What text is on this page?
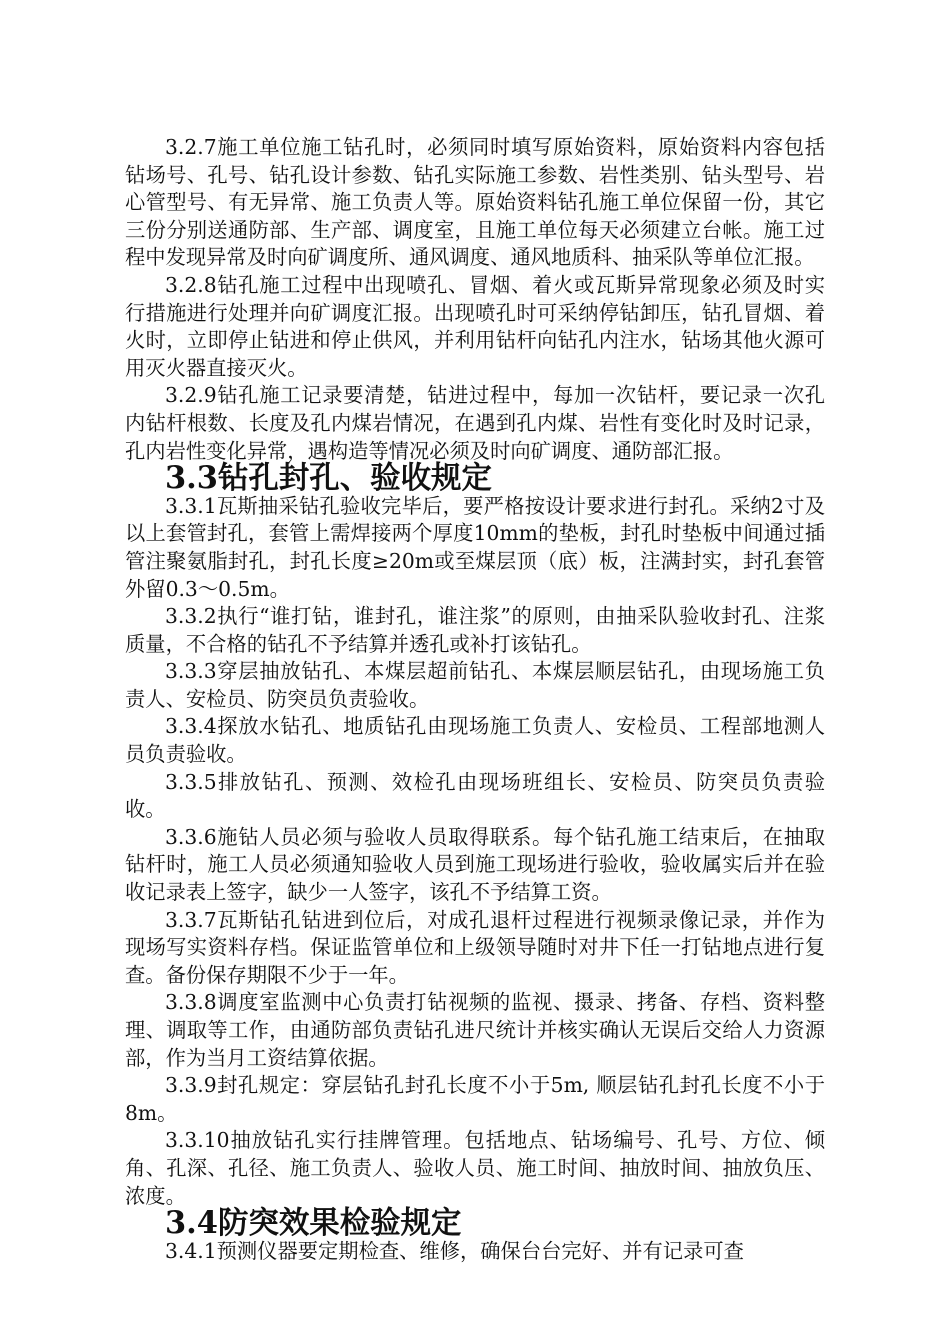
3.2.7施工单位施工钻孔时，必须同时填写原始资料，原始资料内容包括钻场号、孔号、钻孔设计参数、钻孔实际施工参数、岩性类别、钻头型号、岩心管型号、有无异常、施工负责人等。原始资料钻孔施工单位保留一份，其它三份分别送通防部、生产部、调度室，且施工单位每天必须建立台帐。施工过程中发现异常及时向矿调度所、通风调度、通风地质科、抽采队等单位汇报。

3.2.8钻孔施工过程中出现喷孔、冒烟、着火或瓦斯异常现象必须及时实行措施进行处理并向矿调度汇报。出现喷孔时可采纳停钻卸压，钻孔冒烟、着火时，立即停止钻进和停止供风，并利用钻杆向钻孔内注水，钻场其他火源可用灭火器直接灭火。

3.2.9钻孔施工记录要清楚，钻进过程中，每加一次钻杆，要记录一次孔内钻杆根数、长度及孔内煤岩情况，在遇到孔内煤、岩性有变化时及时记录，孔内岩性变化异常，遇构造等情况必须及时向矿调度、通防部汇报。

3.3钻孔封孔、验收规定

3.3.1瓦斯抽采钻孔验收完毕后，要严格按设计要求进行封孔。采纳2寸及以上套管封孔，套管上需焊接两个厚度10mm的垫板，封孔时垫板中间通过插管注聚氨脂封孔，封孔长度≥20m或至煤层顶（底）板，注满封实，封孔套管外留0.3～0.5m。

3.3.2执行“谁打钻，谁封孔，谁注浆”的原则，由抽采队验收封孔、注浆质量，不合格的钻孔不予结算并透孔或补打该钻孔。

3.3.3穿层抽放钻孔、本煤层超前钻孔、本煤层顺层钻孔，由现场施工负责人、安检员、防突员负责验收。

3.3.4探放水钻孔、地质钻孔由现场施工负责人、安检员、工程部地测人员负责验收。

3.3.5排放钻孔、预测、效检孔由现场班组长、安检员、防突员负责验收。

3.3.6施钻人员必须与验收人员取得联系。每个钻孔施工结束后，在抽取钻杆时，施工人员必须通知验收人员到施工现场进行验收，验收属实后并在验收记录表上签字，缺少一人签字，该孔不予结算工资。

3.3.7瓦斯钻孔钻进到位后，对成孔退杆过程进行视频录像记录，并作为现场写实资料存档。保证监管单位和上级领导随时对井下任一打钻地点进行复查。备份保存期限不少于一年。

3.3.8调度室监测中心负责打钻视频的监视、摄录、拷备、存档、资料整理、调取等工作，由通防部负责钻孔进尺统计并核实确认无误后交给人力资源部，作为当月工资结算依据。

3.3.9封孔规定：穿层钻孔封孔长度不小于5m, 顺层钻孔封孔长度不小于8m。

3.3.10抽放钻孔实行挂牌管理。包括地点、钻场编号、孔号、方位、倾角、孔深、孔径、施工负责人、验收人员、施工时间、抽放时间、抽放负压、浓度。

3.4防突效果检验规定

3.4.1预测仪器要定期检查、维修，确保台台完好、并有记录可查
